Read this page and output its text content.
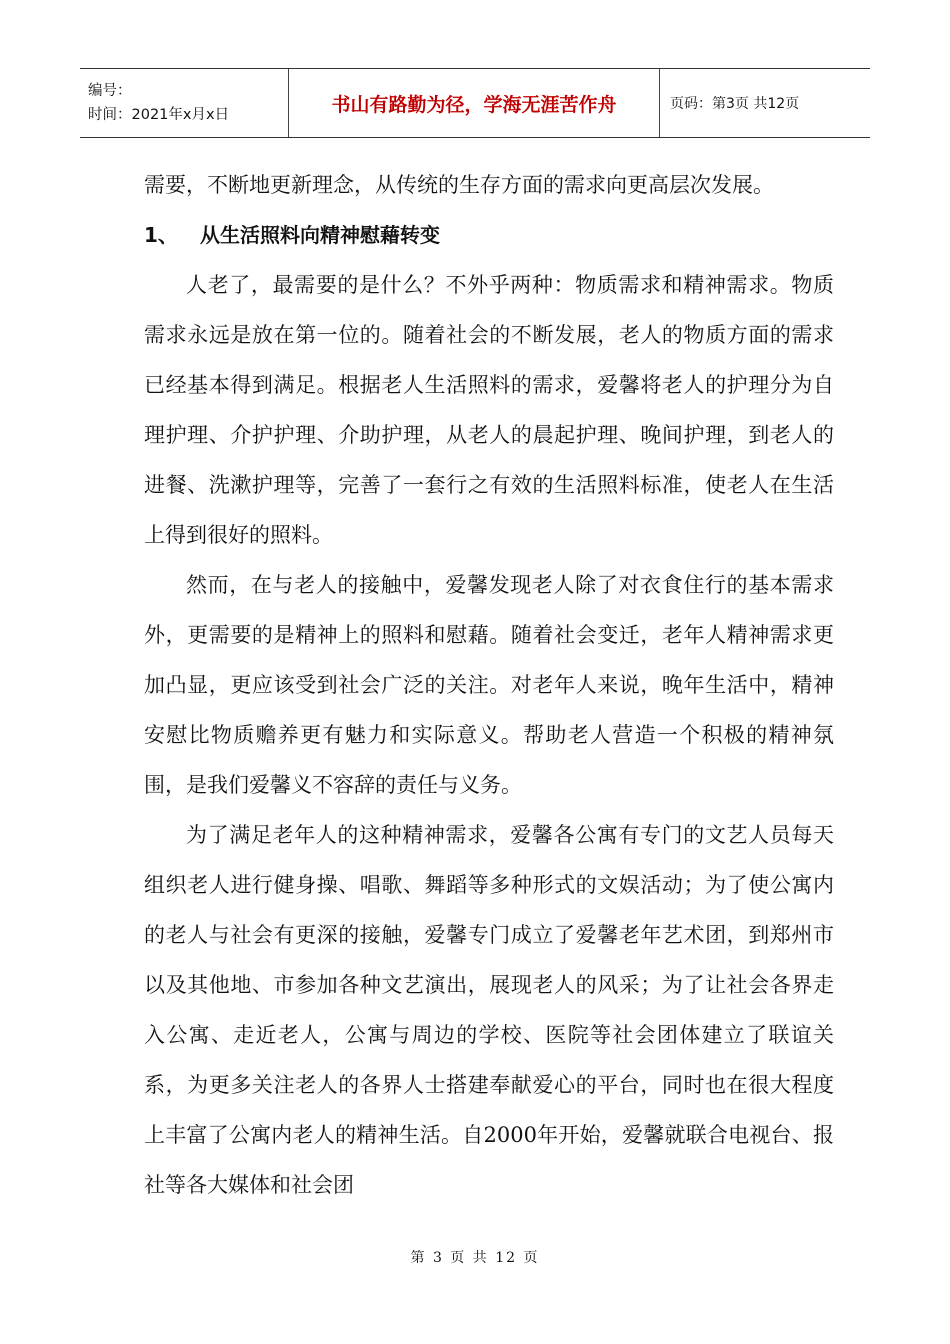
编号：
时间：2021年x月x日	书山有路勤为径，学海无涯苦作舟	页码：第3页 共12页

需要，不断地更新理念，从传统的生存方面的需求向更高层次发展。

1、	从生活照料向精神慰藉转变

人老了，最需要的是什么？不外乎两种：物质需求和精神需求。物质需求永远是放在第一位的。随着社会的不断发展，老人的物质方面的需求已经基本得到满足。根据老人生活照料的需求，爱馨将老人的护理分为自理护理、介护护理、介助护理，从老人的晨起护理、晚间护理，到老人的进餐、洗漱护理等，完善了一套行之有效的生活照料标准，使老人在生活上得到很好的照料。

然而，在与老人的接触中，爱馨发现老人除了对衣食住行的基本需求外，更需要的是精神上的照料和慰藉。随着社会变迁，老年人精神需求更加凸显，更应该受到社会广泛的关注。对老年人来说，晚年生活中，精神安慰比物质赡养更有魅力和实际意义。帮助老人营造一个积极的精神氛围，是我们爱馨义不容辞的责任与义务。

为了满足老年人的这种精神需求，爱馨各公寓有专门的文艺人员每天组织老人进行健身操、唱歌、舞蹈等多种形式的文娱活动；为了使公寓内的老人与社会有更深的接触，爱馨专门成立了爱馨老年艺术团，到郑州市以及其他地、市参加各种文艺演出，展现老人的风采；为了让社会各界走入公寓、走近老人，公寓与周边的学校、医院等社会团体建立了联谊关系，为更多关注老人的各界人士搭建奉献爱心的平台，同时也在很大程度上丰富了公寓内老人的精神生活。自2000年开始，爱馨就联合电视台、报社等各大媒体和社会团

第 3 页 共 12 页
